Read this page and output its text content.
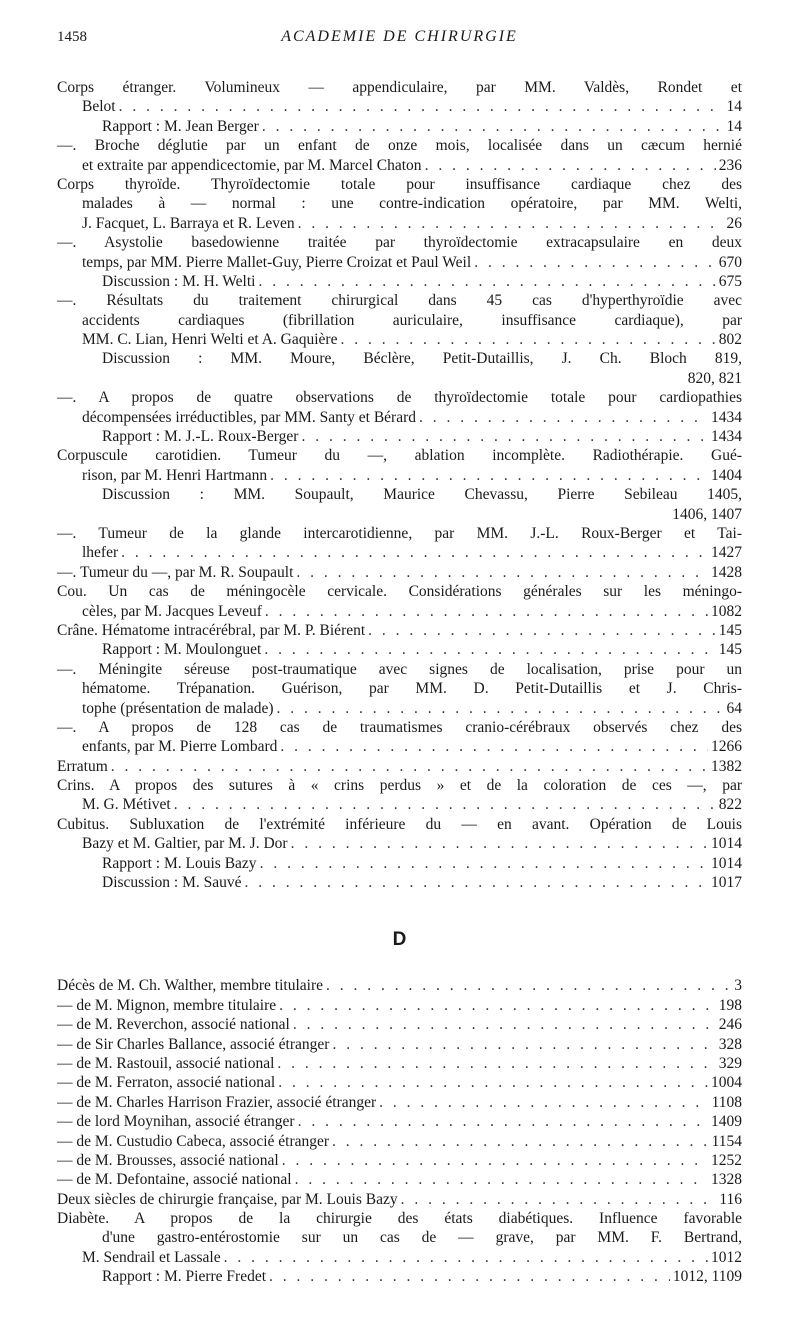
1458	ACADEMIE DE CHIRURGIE
Corps étranger. Volumineux — appendiculaire, par MM. Valdès, Rondet et
Belot . . .	14
Rapport : M. Jean Berger . . .	14
—. Broche déglutie par un enfant de onze mois, localisée dans un cæcum hernié
et extraite par appendicectomie, par M. Marcel Chaton . . .	236
Corps thyroïde. Thyroïdectomie totale pour insuffisance cardiaque chez des
malades à — normal : une contre-indication opératoire, par MM. Welti,
J. Facquet, L. Barraya et R. Leven . . .	26
—. Asystolie basedowienne traitée par thyroïdectomie extracapsulaire en deux
temps, par MM. Pierre Mallet-Guy, Pierre Croizat et Paul Weil . . .	670
Discussion : M. H. Welti . . .	675
—. Résultats du traitement chirurgical dans 45 cas d'hyperthyroïdie avec
accidents cardiaques (fibrillation auriculaire, insuffisance cardiaque), par
MM. C. Lian, Henri Welti et A. Gaquière . . .	802
Discussion : MM. Moure, Béclère, Petit-Dutaillis, J. Ch. Bloch 819,
820, 821
—. A propos de quatre observations de thyroïdectomie totale pour cardiopathies
décompensées irréductibles, par MM. Santy et Bérard . . .	1434
Rapport : M. J.-L. Roux-Berger . . .	1434
Corpuscule carotidien. Tumeur du —, ablation incomplète. Radiothérapie. Gué-
rison, par M. Henri Hartmann . . .	1404
Discussion : MM. Soupault, Maurice Chevassu, Pierre Sebileau 1405,
1406, 1407
—. Tumeur de la glande intercarotidienne, par MM. J.-L. Roux-Berger et Tai-
lhefer . . .	1427
—. Tumeur du —, par M. R. Soupault . . .	1428
Cou. Un cas de méningocèle cervicale. Considérations générales sur les méningo-
cèles, par M. Jacques Leveuf . . .	1082
Crâne. Hématome intracérébral, par M. P. Biérent . . .	145
Rapport : M. Moulonguet . . .	145
—. Méningite séreuse post-traumatique avec signes de localisation, prise pour un
hématome. Trépanation. Guérison, par MM. D. Petit-Dutaillis et J. Chris-
tophe (présentation de malade) . . .	64
—. A propos de 128 cas de traumatismes cranio-cérébraux observés chez des
enfants, par M. Pierre Lombard . . .	1266
Erratum . . .	1382
Crins. A propos des sutures à « crins perdus » et de la coloration de ces —, par
M. G. Métivet . . .	822
Cubitus. Subluxation de l'extrémité inférieure du — en avant. Opération de Louis
Bazy et M. Galtier, par M. J. Dor . . .	1014
Rapport : M. Louis Bazy . . .	1014
Discussion : M. Sauvé . . .	1017
D
Décès de M. Ch. Walther, membre titulaire . . .	3
— de M. Mignon, membre titulaire . . .	198
— de M. Reverchon, associé national . . .	246
— de Sir Charles Ballance, associé étranger . . .	328
— de M. Rastouil, associé national . . .	329
— de M. Ferraton, associé national . . .	1004
— de M. Charles Harrison Frazier, associé étranger . . .	1108
— de lord Moynihan, associé étranger . . .	1409
— de M. Custudio Cabeca, associé étranger . . .	1154
— de M. Brousses, associé national . . .	1252
— de M. Defontaine, associé national . . .	1328
Deux siècles de chirurgie française, par M. Louis Bazy . . .	116
Diabète. A propos de la chirurgie des états diabétiques. Influence favorable
d'une gastro-entérostomie sur un cas de — grave, par MM. F. Bertrand,
M. Sendrail et Lassale . . .	1012
Rapport : M. Pierre Fredet . . .	1012, 1109
